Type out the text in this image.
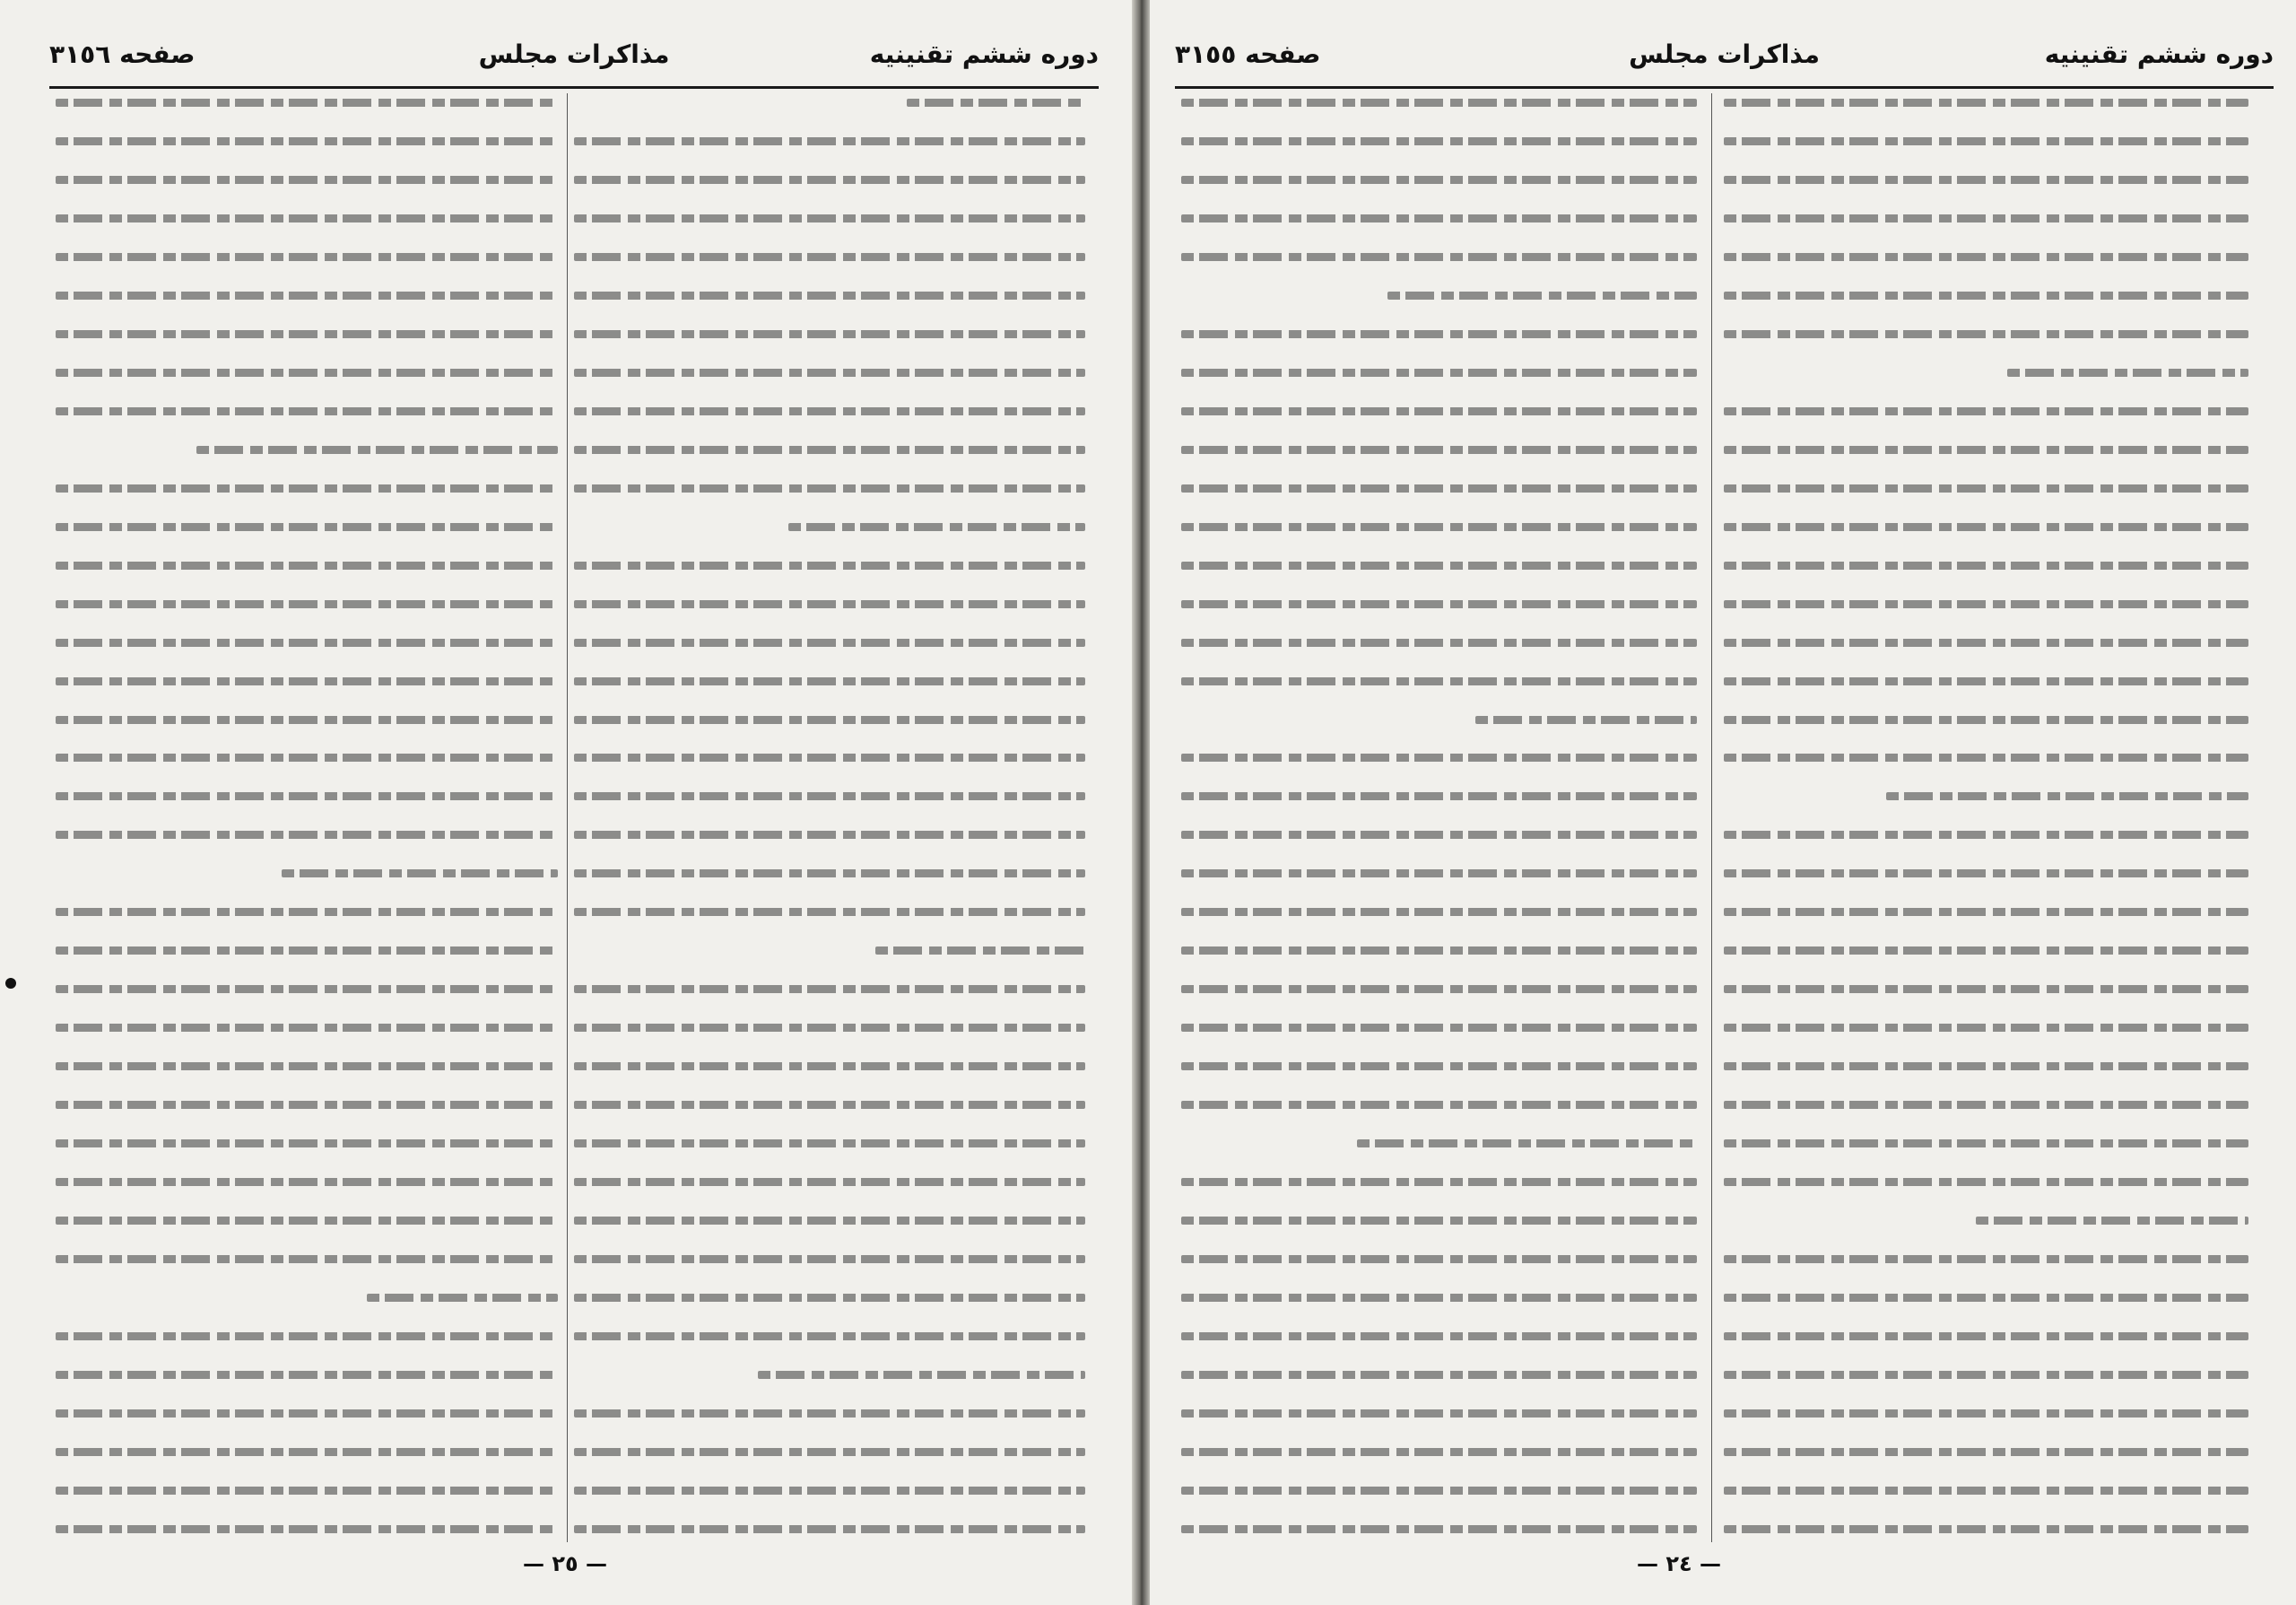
دوره ششم تقنينيه
مذاكرات مجلس
صفحه ٣١٥٦
— ٢٥ —
دوره ششم تقنينيه
مذاكرات مجلس
صفحه ٣١٥٥
— ٢٤ —
